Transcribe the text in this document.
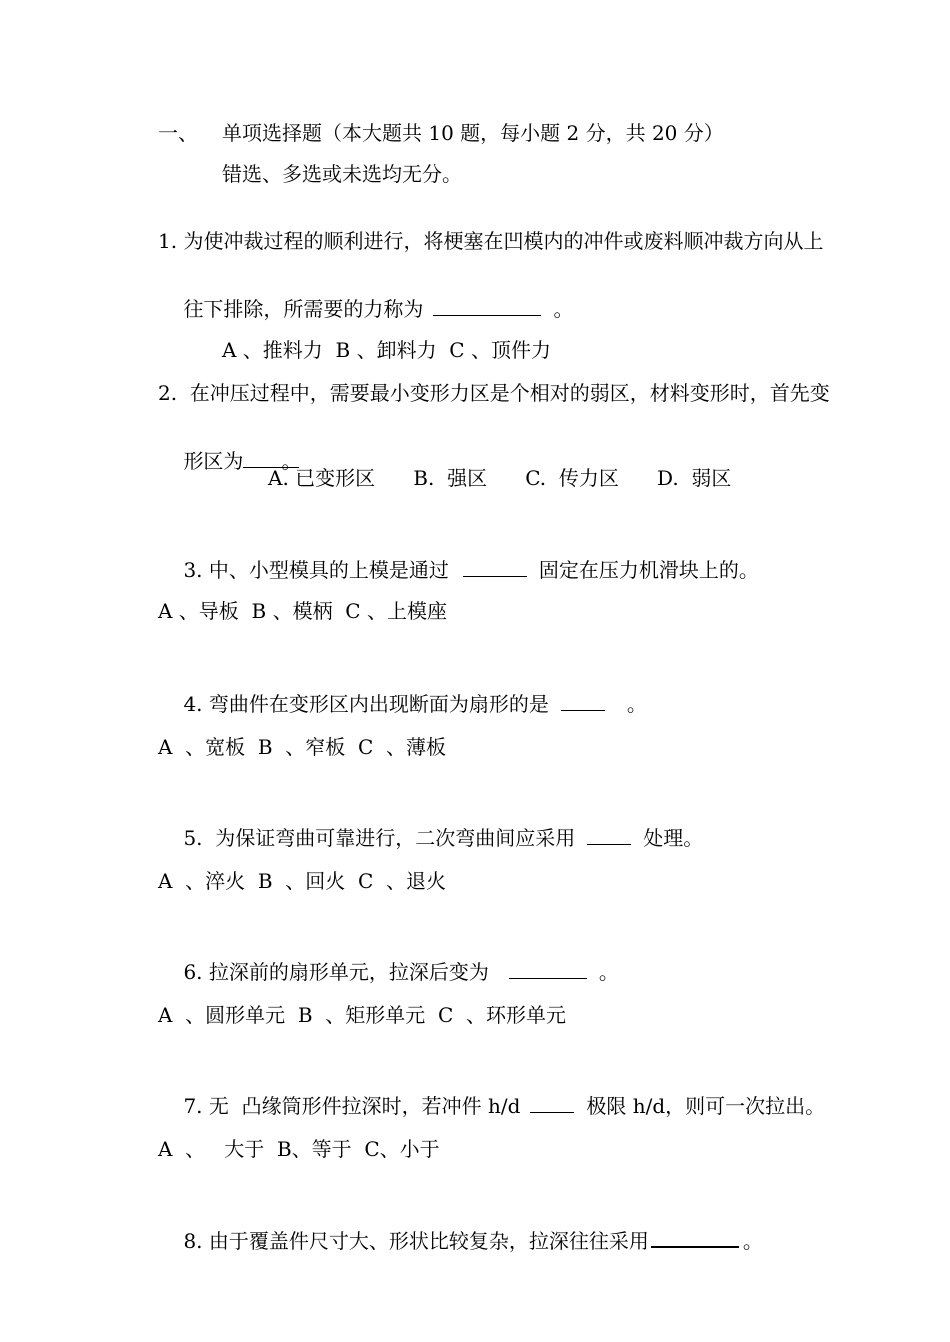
一、 单项选择题（本大题共 10 题，每小题 2 分，共 20 分）
错选、多选或未选均无分。
1. 为使冲裁过程的顺利进行，将梗塞在凹模内的冲件或废料顺冲裁方向从上

往下排除，所需要的力称为	。

A 、推料力  B 、卸料力  C 、顶件力
2.  在冲压过程中，需要最小变形力区是个相对的弱区，材料变形时，首先变

形区为 。

A. 已变形区      B.  强区      C.  传力区      D.  弱区

3. 中、小型模具的上模是通过	固定在压力机滑块上的。

A 、导板  B 、模柄  C 、上模座

4. 弯曲件在变形区内出现断面为扇形的是	。

A  、宽板  B  、窄板  C  、薄板

5.  为保证弯曲可靠进行，二次弯曲间应采用	处理。

A  、淬火  B  、回火  C  、退火

6. 拉深前的扇形单元，拉深后变为	。

A  、圆形单元  B  、矩形单元  C  、环形单元

7. 无  凸缘筒形件拉深时，若冲件 h/d	极限 h/d，则可一次拉出。

A  、   大于  B、等于  C、小于

8. 由于覆盖件尺寸大、形状比较复杂，拉深往往采用	。
